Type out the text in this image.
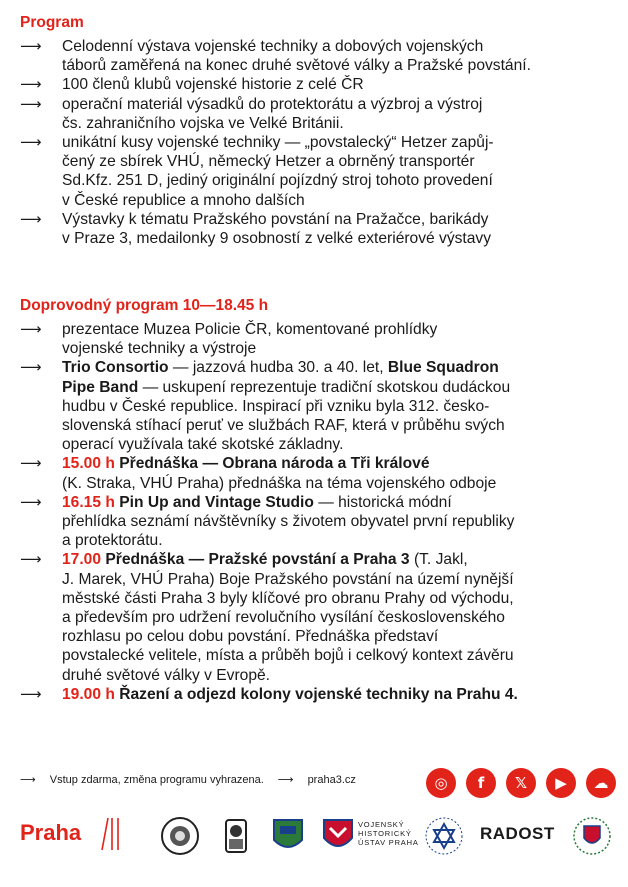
Program
⟶	Celodenní výstava vojenské techniky a dobových vojenských
táborů zaměřená na konec druhé světové války a Pražské povstání.
⟶	100 členů klubů vojenské historie z celé ČR
⟶	operační materiál výsadků do protektorátu a výzbroj a výstroj
čs. zahraničního vojska ve Velké Británii.
⟶	unikátní kusy vojenské techniky — „povstalecký“ Hetzer zapůj-
čený ze sbírek VHÚ, německý Hetzer a obrněný transportér
Sd.Kfz. 251 D, jediný originální pojízdný stroj tohoto provedení
v České republice a mnoho dalších
⟶	Výstavky k tématu Pražského povstání na Pražačce, barikády
v Praze 3, medailonky 9 osobností z velké exteriérové výstavy
Doprovodný program 10—18.45 h
⟶	prezentace Muzea Policie ČR, komentované prohlídky
vojenské techniky a výstroje
⟶	Trio Consortio — jazzová hudba 30. a 40. let, Blue Squadron
Pipe Band — uskupení reprezentuje tradiční skotskou dudáckou
hudbu v České republice. Inspirací při vzniku byla 312. česko-
slovenská stíhací peruť ve službách RAF, která v průběhu svých
operací využívala také skotské základny.
⟶	15.00 h Přednáška — Obrana národa a Tři králové
(K. Straka, VHÚ Praha) přednáška na téma vojenského odboje
⟶	16.15 h Pin Up and Vintage Studio — historická módní
přehlídka seznámí návštěvníky s životem obyvatel první republiky
a protektorátu.
⟶	17.00 Přednáška — Pražské povstání a Praha 3 (T. Jakl,
J. Marek, VHÚ Praha) Boje Pražského povstání na území nynější
městské části Praha 3 byly klíčové pro obranu Prahy od východu,
a především pro udržení revolučního vysílání československého
rozhlasu po celou dobu povstání. Přednáška představí
povstalecké velitele, místa a průběh bojů i celkový kontext závěru
druhé světové války v Evropě.
⟶	19.00 h Řazení a odjezd kolony vojenské techniky na Prahu 4.
⟶ Vstup zdarma, změna programu vyhrazena. ⟶ praha3.cz	◎	f	𝕏	▶	☁
Praha	VOJENSKÝ
HISTORICKÝ
ÚSTAV PRAHA	RADOST
